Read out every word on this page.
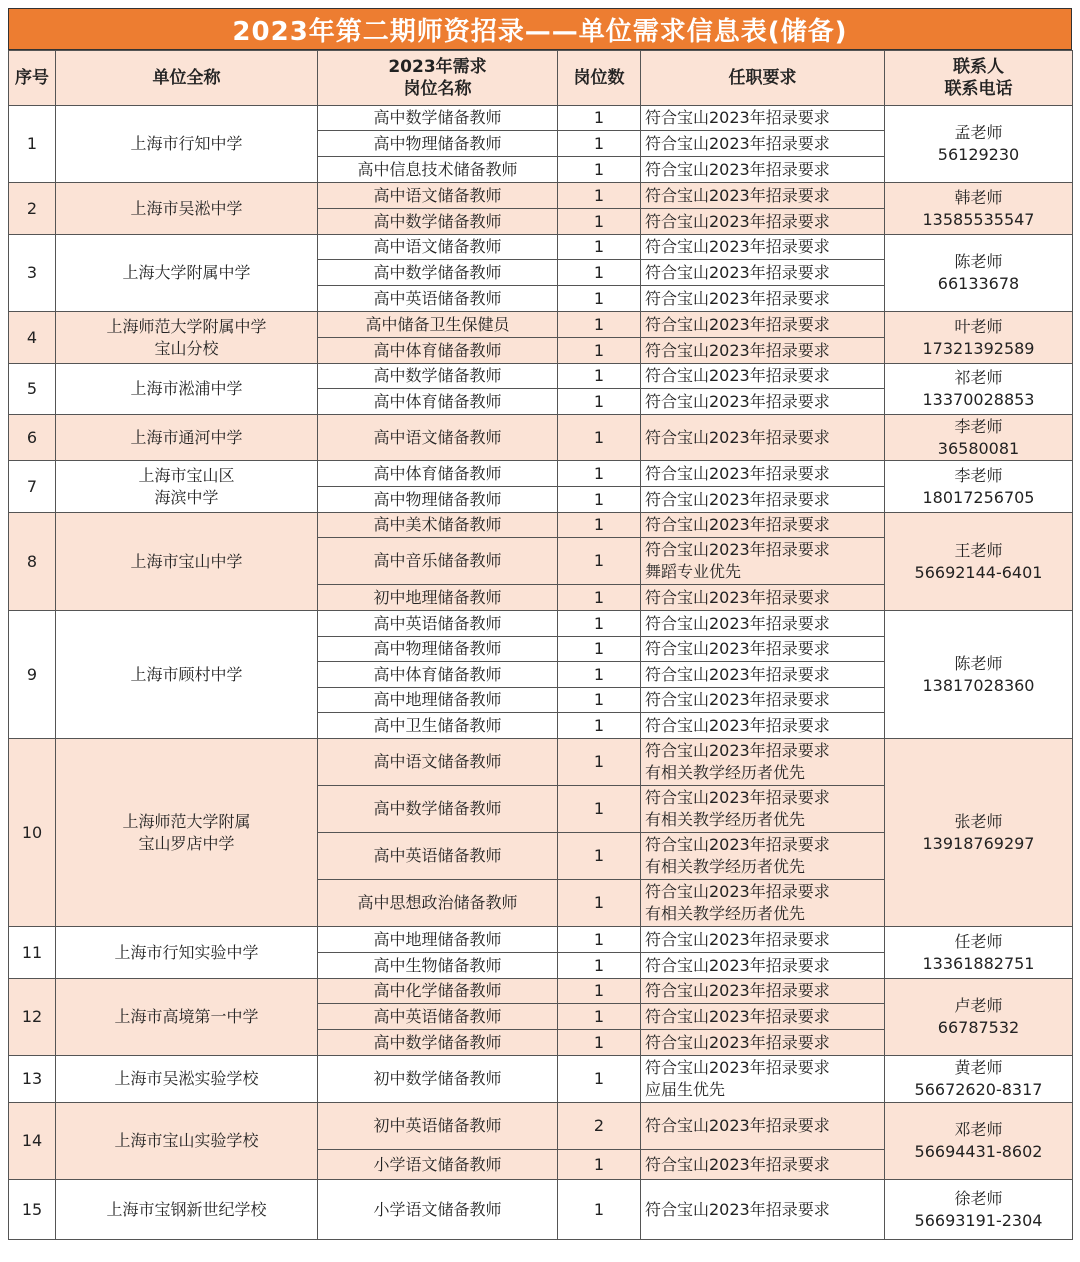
2023年第二期师资招录——单位需求信息表(储备)
序号	单位全称	2023年需求
岗位名称	岗位数	任职要求	联系人
联系电话
1	上海市行知中学	高中数学储备教师	1	符合宝山2023年招录要求	孟老师
56129230
		高中物理储备教师	1	符合宝山2023年招录要求	
		高中信息技术储备教师	1	符合宝山2023年招录要求	
2	上海市吴淞中学	高中语文储备教师	1	符合宝山2023年招录要求	韩老师
13585535547
		高中数学储备教师	1	符合宝山2023年招录要求	
3	上海大学附属中学	高中语文储备教师	1	符合宝山2023年招录要求	陈老师
66133678
		高中数学储备教师	1	符合宝山2023年招录要求	
		高中英语储备教师	1	符合宝山2023年招录要求	
4	上海师范大学附属中学
宝山分校	高中储备卫生保健员	1	符合宝山2023年招录要求	叶老师
17321392589
		高中体育储备教师	1	符合宝山2023年招录要求	
5	上海市淞浦中学	高中数学储备教师	1	符合宝山2023年招录要求	祁老师
13370028853
		高中体育储备教师	1	符合宝山2023年招录要求	
6	上海市通河中学	高中语文储备教师	1	符合宝山2023年招录要求	李老师
36580081
7	上海市宝山区
海滨中学	高中体育储备教师	1	符合宝山2023年招录要求	李老师
18017256705
		高中物理储备教师	1	符合宝山2023年招录要求	
8	上海市宝山中学	高中美术储备教师	1	符合宝山2023年招录要求	王老师
56692144-6401
		高中音乐储备教师	1	符合宝山2023年招录要求
舞蹈专业优先	
		初中地理储备教师	1	符合宝山2023年招录要求	
9	上海市顾村中学	高中英语储备教师	1	符合宝山2023年招录要求	陈老师
13817028360
		高中物理储备教师	1	符合宝山2023年招录要求	
		高中体育储备教师	1	符合宝山2023年招录要求	
		高中地理储备教师	1	符合宝山2023年招录要求	
		高中卫生储备教师	1	符合宝山2023年招录要求	
10	上海师范大学附属
宝山罗店中学	高中语文储备教师	1	符合宝山2023年招录要求
有相关教学经历者优先	张老师
13918769297
		高中数学储备教师	1	符合宝山2023年招录要求
有相关教学经历者优先	
		高中英语储备教师	1	符合宝山2023年招录要求
有相关教学经历者优先	
		高中思想政治储备教师	1	符合宝山2023年招录要求
有相关教学经历者优先	
11	上海市行知实验中学	高中地理储备教师	1	符合宝山2023年招录要求	任老师
13361882751
		高中生物储备教师	1	符合宝山2023年招录要求	
12	上海市高境第一中学	高中化学储备教师	1	符合宝山2023年招录要求	卢老师
66787532
		高中英语储备教师	1	符合宝山2023年招录要求	
		高中数学储备教师	1	符合宝山2023年招录要求	
13	上海市吴淞实验学校	初中数学储备教师	1	符合宝山2023年招录要求
应届生优先	黄老师
56672620-8317
14	上海市宝山实验学校	初中英语储备教师	2	符合宝山2023年招录要求	邓老师
56694431-8602
		小学语文储备教师	1	符合宝山2023年招录要求	
15	上海市宝钢新世纪学校	小学语文储备教师	1	符合宝山2023年招录要求	徐老师
56693191-2304
